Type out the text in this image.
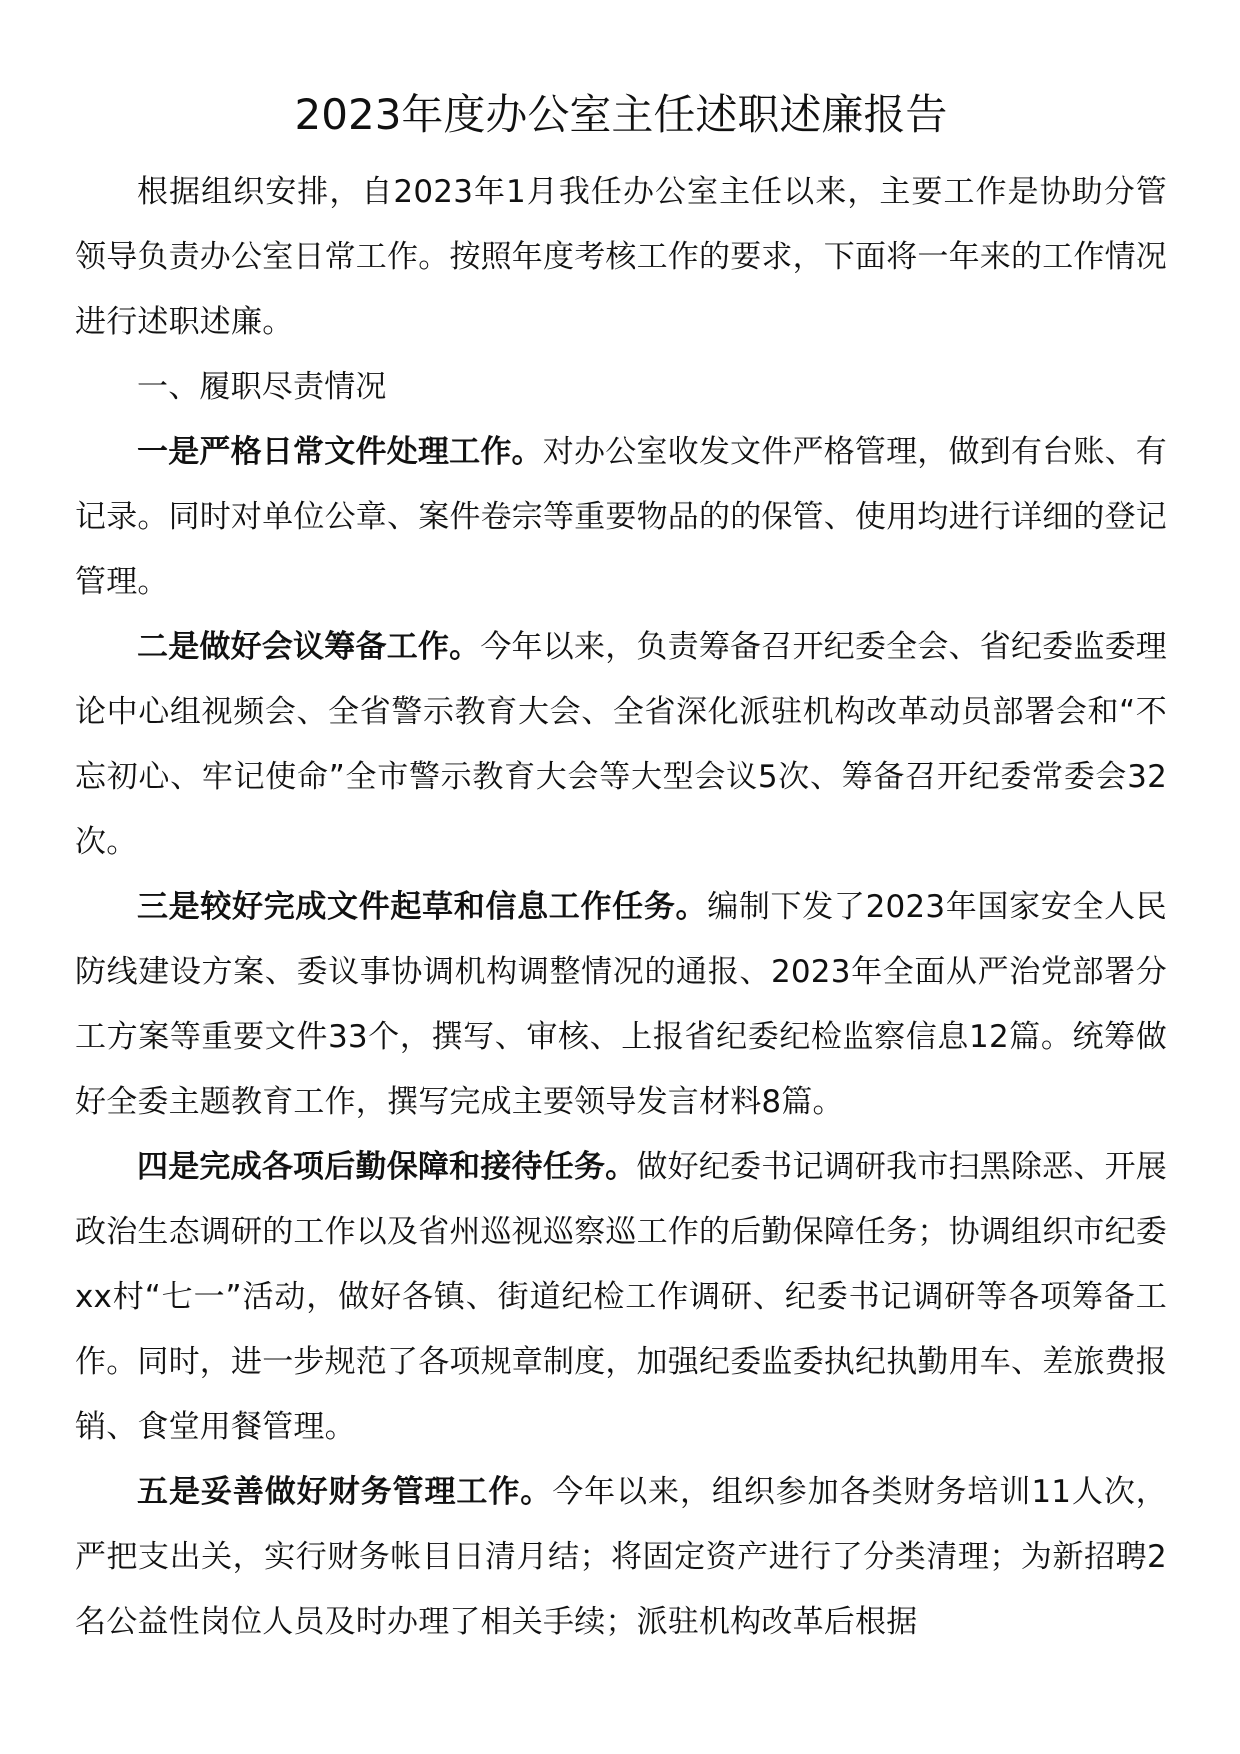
2023年度办公室主任述职述廉报告

根据组织安排，自2023年1月我任办公室主任以来，主要工作是协助分管领导负责办公室日常工作。按照年度考核工作的要求，下面将一年来的工作情况进行述职述廉。

一、履职尽责情况

一是严格日常文件处理工作。对办公室收发文件严格管理，做到有台账、有记录。同时对单位公章、案件卷宗等重要物品的的保管、使用均进行详细的登记管理。

二是做好会议筹备工作。今年以来，负责筹备召开纪委全会、省纪委监委理论中心组视频会、全省警示教育大会、全省深化派驻机构改革动员部署会和“不忘初心、牢记使命”全市警示教育大会等大型会议5次、筹备召开纪委常委会32次。

三是较好完成文件起草和信息工作任务。编制下发了2023年国家安全人民防线建设方案、委议事协调机构调整情况的通报、2023年全面从严治党部署分工方案等重要文件33个，撰写、审核、上报省纪委纪检监察信息12篇。统筹做好全委主题教育工作，撰写完成主要领导发言材料8篇。

四是完成各项后勤保障和接待任务。做好纪委书记调研我市扫黑除恶、开展政治生态调研的工作以及省州巡视巡察巡工作的后勤保障任务；协调组织市纪委xx村“七一”活动，做好各镇、街道纪检工作调研、纪委书记调研等各项筹备工作。同时，进一步规范了各项规章制度，加强纪委监委执纪执勤用车、差旅费报销、食堂用餐管理。

五是妥善做好财务管理工作。今年以来，组织参加各类财务培训11人次，严把支出关，实行财务帐目日清月结；将固定资产进行了分类清理；为新招聘2名公益性岗位人员及时办理了相关手续；派驻机构改革后根据
